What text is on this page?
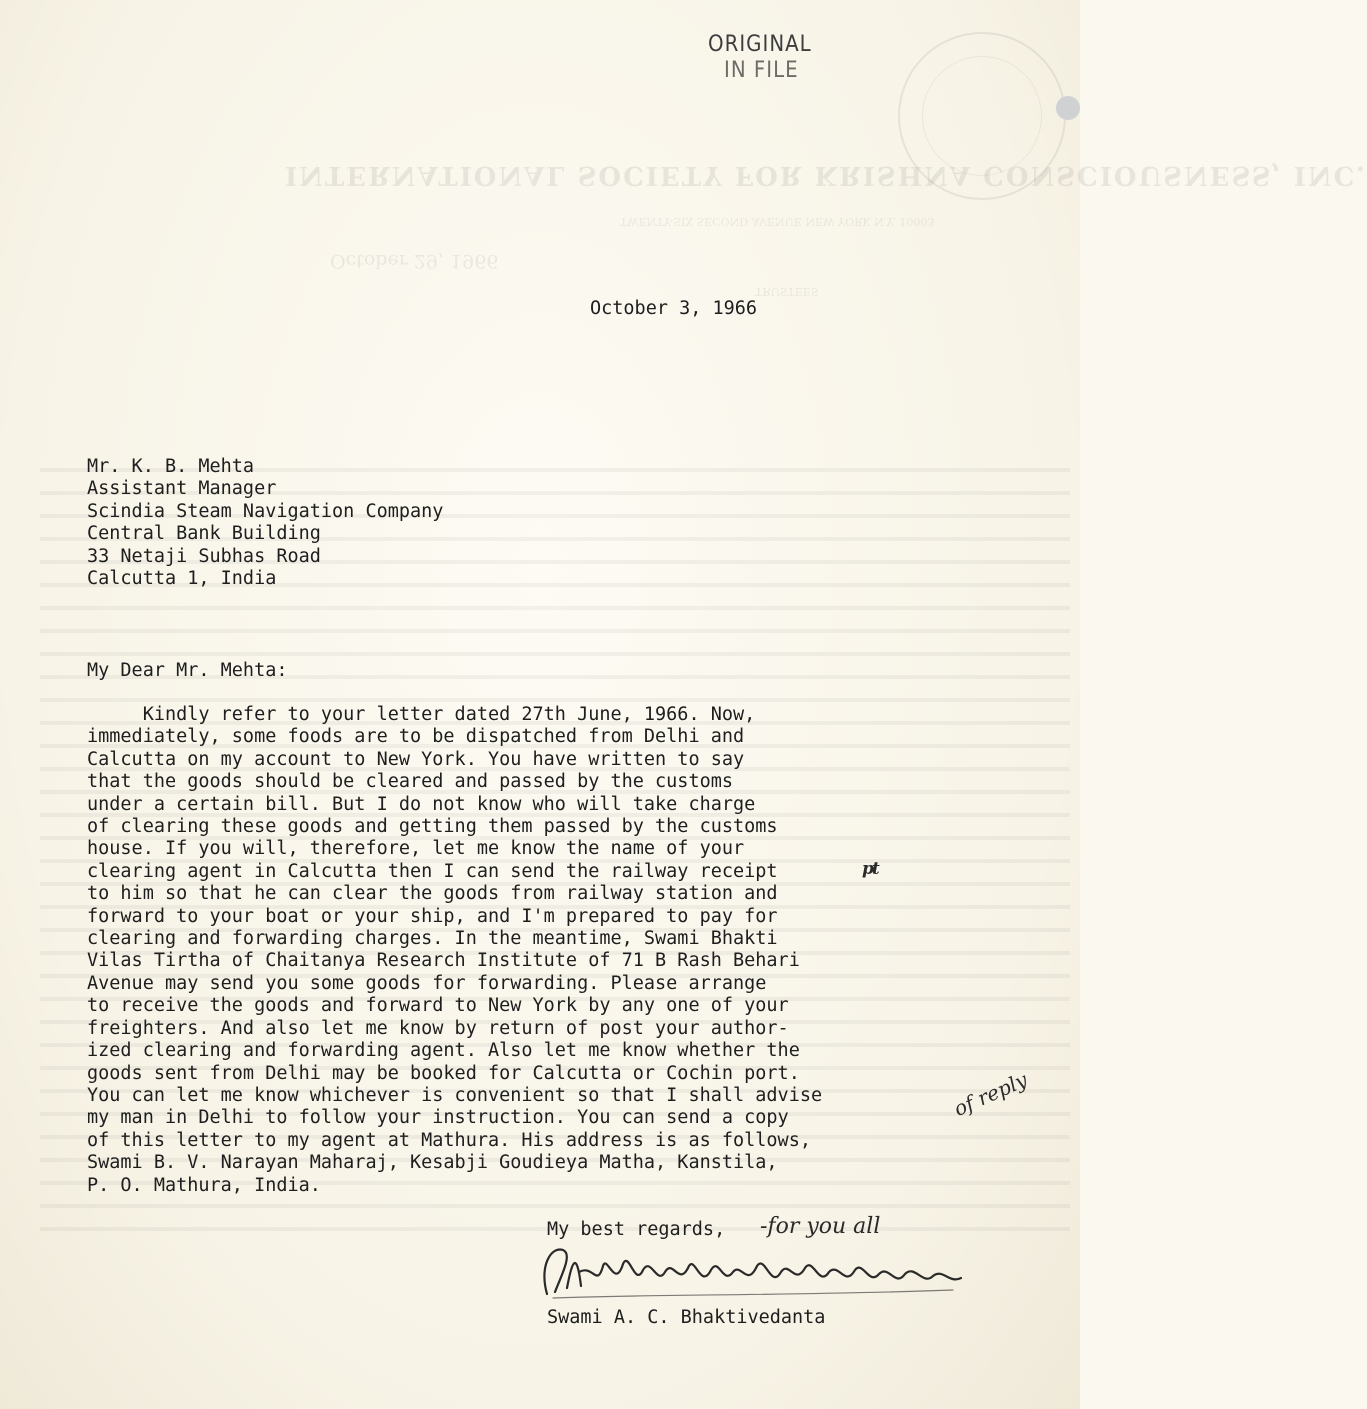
INTERNATIONAL SOCIETY FOR KRISHNA CONSCIOUSNESS, INC.
TWENTY-SIX SECOND AVENUE NEW YORK N.Y. 10003
October 29, 1966
TRUSTEES
ORIGINAL
IN FILE
October 3, 1966
Mr. K. B. Mehta
Assistant Manager
Scindia Steam Navigation Company
Central Bank Building
33 Netaji Subhas Road
Calcutta 1, India
My Dear Mr. Mehta:
Kindly refer to your letter dated 27th June, 1966. Now,
immediately, some foods are to be dispatched from Delhi and
Calcutta on my account to New York. You have written to say
that the goods should be cleared and passed by the customs
under a certain bill. But I do not know who will take charge
of clearing these goods and getting them passed by the customs
house. If you will, therefore, let me know the name of your
clearing agent in Calcutta then I can send the railway receipt
to him so that he can clear the goods from railway station and
forward to your boat or your ship, and I'm prepared to pay for
clearing and forwarding charges. In the meantime, Swami Bhakti
Vilas Tirtha of Chaitanya Research Institute of 71 B Rash Behari
Avenue may send you some goods for forwarding. Please arrange
to receive the goods and forward to New York by any one of your
freighters. And also let me know by return of post your author-
ized clearing and forwarding agent. Also let me know whether the
goods sent from Delhi may be booked for Calcutta or Cochin port.
You can let me know whichever is convenient so that I shall advise
my man in Delhi to follow your instruction. You can send a copy
of this letter to my agent at Mathura. His address is as follows,
Swami B. V. Narayan Maharaj, Kesabji Goudieya Matha, Kanstila,
P. O. Mathura, India.
pt
of reply
My best regards, -for you all
Swami A. C. Bhaktivedanta
